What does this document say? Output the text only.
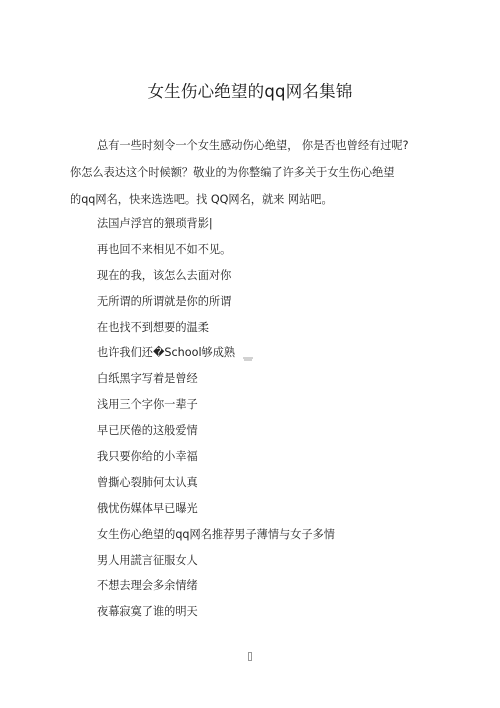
女生伤心绝望的qq网名集锦
总有一些时刻令一个女生感动伤心绝望， 你是否也曾经有过呢?
你怎么表达这个时候额？敬业的为你整编了许多关于女生伤心绝望
的qq网名，快来选选吧。找 QQ网名，就来 网站吧。
法国卢浮宫的猥琐背影|
再也回不来相见不如不见。
现在的我，该怎么去面对你
无所谓的所谓就是你的所谓
在也找不到想要的温柔
也许我们还�School够成熟
白纸黑字写着是曾经
浅用三个字你一辈子
早已厌倦的这般爱情
我只要你给的小幸福
曾撕心裂肺何太认真
俄忧伤媒体早已曝光
女生伤心绝望的qq网名推荐男子薄情与女子多情
男人用謊言征服女人
不想去理会多余情绪
夜幕寂寞了谁的明天
